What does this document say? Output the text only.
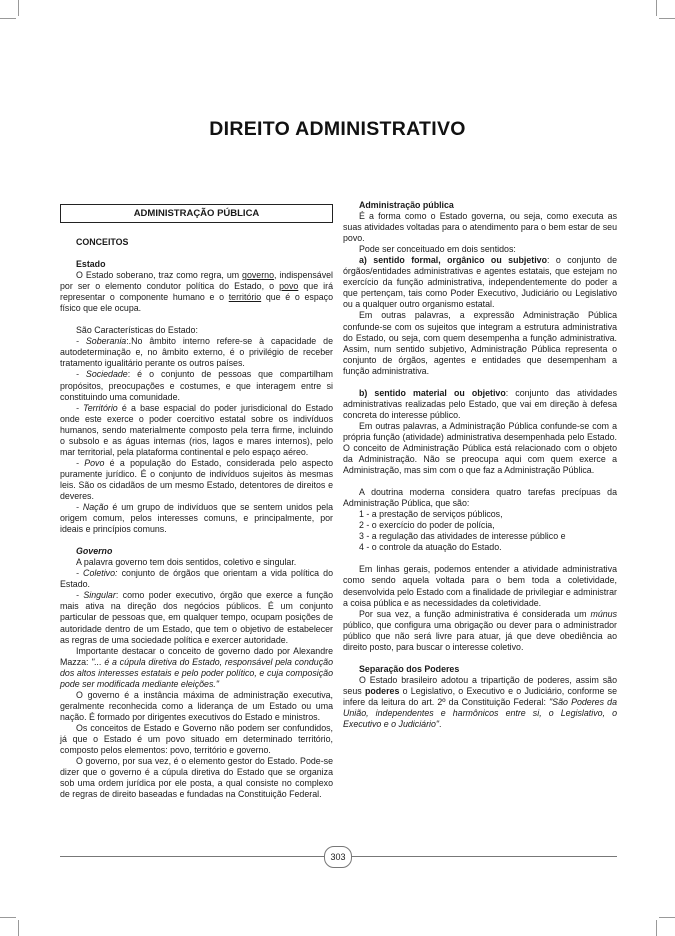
DIREITO ADMINISTRATIVO
ADMINISTRAÇÃO PÚBLICA

CONCEITOS

Estado

O Estado soberano, traz como regra, um governo, indispensável por ser o elemento condutor política do Estado, o povo que irá representar o componente humano e o território que é o espaço físico que ele ocupa.

São Características do Estado:

- Soberania:.No âmbito interno refere-se à capacidade de autodeterminação e, no âmbito externo, é o privilégio de receber tratamento igualitário perante os outros países.

- Sociedade: é o conjunto de pessoas que compartilham propósitos, preocupações e costumes, e que interagem entre si constituindo uma comunidade.

- Território é a base espacial do poder jurisdicional do Estado onde este exerce o poder coercitivo estatal sobre os indivíduos humanos, sendo materialmente composto pela terra firme, incluindo o subsolo e as águas internas (rios, lagos e mares internos), pelo mar territorial, pela plataforma continental e pelo espaço aéreo.

- Povo é a população do Estado, considerada pelo aspecto puramente jurídico. É o conjunto de indivíduos sujeitos às mesmas leis. São os cidadãos de um mesmo Estado, detentores de direitos e deveres.

- Nação é um grupo de indivíduos que se sentem unidos pela origem comum, pelos interesses comuns, e principalmente, por ideais e princípios comuns.

Governo

A palavra governo tem dois sentidos, coletivo e singular.

- Coletivo: conjunto de órgãos que orientam a vida política do Estado.

- Singular: como poder executivo, órgão que exerce a função mais ativa na direção dos negócios públicos. É um conjunto particular de pessoas que, em qualquer tempo, ocupam posições de autoridade dentro de um Estado, que tem o objetivo de estabelecer as regras de uma sociedade política e exercer autoridade.

Importante destacar o conceito de governo dado por Alexandre Mazza: "... é a cúpula diretiva do Estado, responsável pela condução dos altos interesses estatais e pelo poder político, e cuja composição pode ser modificada mediante eleições."

O governo é a instância máxima de administração executiva, geralmente reconhecida como a liderança de um Estado ou uma nação. É formado por dirigentes executivos do Estado e ministros.

Os conceitos de Estado e Governo não podem ser confundidos, já que o Estado é um povo situado em determinado território, composto pelos elementos: povo, território e governo.

O governo, por sua vez, é o elemento gestor do Estado. Pode-se dizer que o governo é a cúpula diretiva do Estado que se organiza sob uma ordem jurídica por ele posta, a qual consiste no complexo de regras de direito baseadas e fundadas na Constituição Federal.

Administração pública

É a forma como o Estado governa, ou seja, como executa as suas atividades voltadas para o atendimento para o bem estar de seu povo.

Pode ser conceituado em dois sentidos:

a) sentido formal, orgânico ou subjetivo: o conjunto de órgãos/entidades administrativas e agentes estatais, que estejam no exercício da função administrativa, independentemente do poder a que pertençam, tais como Poder Executivo, Judiciário ou Legislativo ou a qualquer outro organismo estatal.

Em outras palavras, a expressão Administração Pública confunde-se com os sujeitos que integram a estrutura administrativa do Estado, ou seja, com quem desempenha a função administrativa. Assim, num sentido subjetivo, Administração Pública representa o conjunto de órgãos, agentes e entidades que desempenham a função administrativa.

b) sentido material ou objetivo: conjunto das atividades administrativas realizadas pelo Estado, que vai em direção à defesa concreta do interesse público.

Em outras palavras, a Administração Pública confunde-se com a própria função (atividade) administrativa desempenhada pelo Estado. O conceito de Administração Pública está relacionado com o objeto da Administração. Não se preocupa aqui com quem exerce a Administração, mas sim com o que faz a Administração Pública.

A doutrina moderna considera quatro tarefas precípuas da Administração Pública, que são:

1 - a prestação de serviços públicos,

2 - o exercício do poder de polícia,

3 - a regulação das atividades de interesse público e

4 - o controle da atuação do Estado.

Em linhas gerais, podemos entender a atividade administrativa como sendo aquela voltada para o bem toda a coletividade, desenvolvida pelo Estado com a finalidade de privilegiar e administrar a coisa pública e as necessidades da coletividade.

Por sua vez, a função administrativa é considerada um múnus público, que configura uma obrigação ou dever para o administrador público que não será livre para atuar, já que deve obediência ao direito posto, para buscar o interesse coletivo.

Separação dos Poderes

O Estado brasileiro adotou a tripartição de poderes, assim são seus poderes o Legislativo, o Executivo e o Judiciário, conforme se infere da leitura do art. 2º da Constituição Federal: "São Poderes da União, independentes e harmônicos entre si, o Legislativo, o Executivo e o Judiciário".

303
